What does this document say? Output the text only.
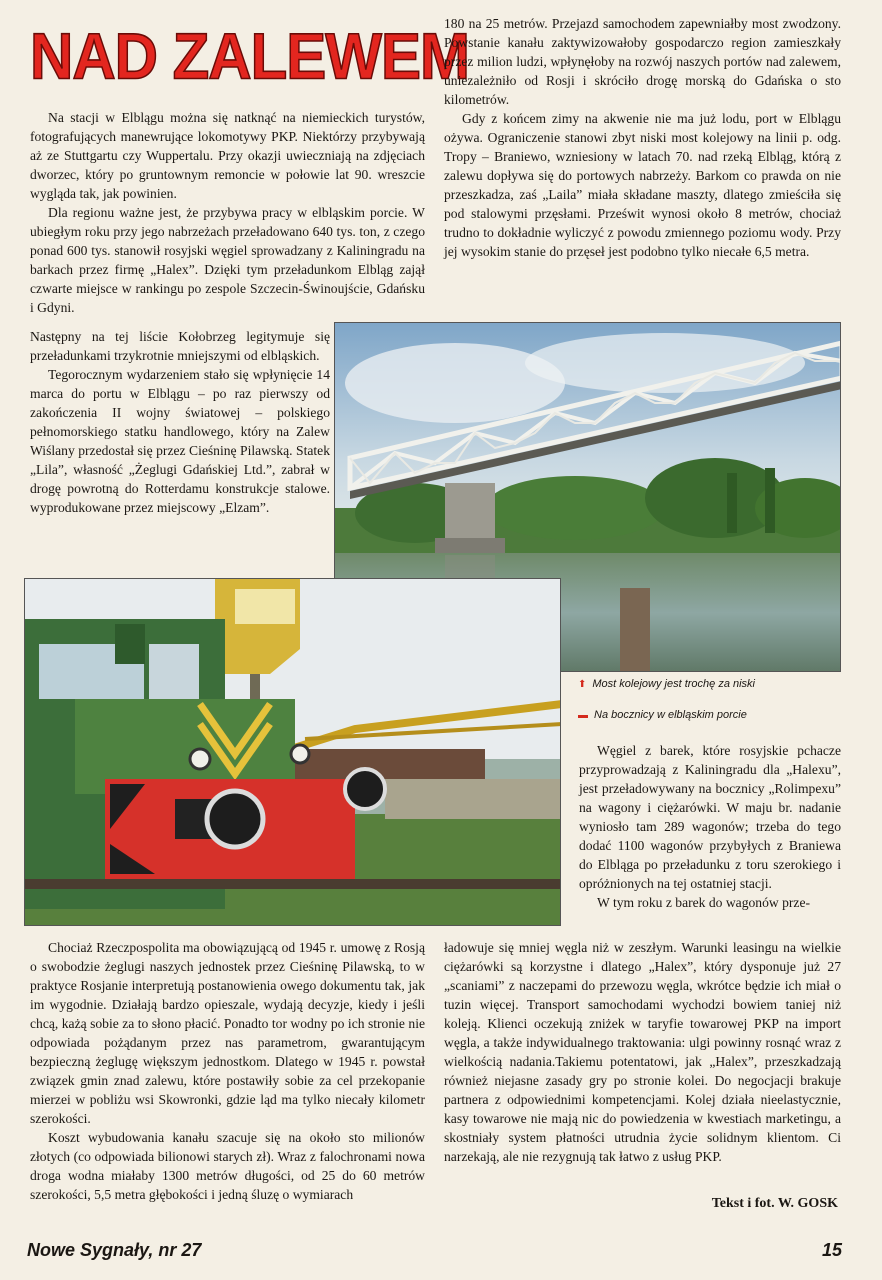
NAD ZALEWEM

Na stacji w Elblągu można się natknąć na niemieckich turystów, fotografujących manewrujące lokomotywy PKP. Niektórzy przybywają aż ze Stuttgartu czy Wuppertalu. Przy okazji uwieczniają na zdjęciach dworzec, który po gruntownym remoncie w połowie lat 90. wreszcie wygląda tak, jak powinien.

Dla regionu ważne jest, że przybywa pracy w elbląskim porcie. W ubiegłym roku przy jego nabrzeżach przeładowano 640 tys. ton, z czego ponad 600 tys. stanowił rosyjski węgiel sprowadzany z Kaliningradu na barkach przez firmę „Halex”. Dzięki tym przeładunkom Elbląg zajął czwarte miejsce w rankingu po zespole Szczecin-Świnoujście, Gdańsku i Gdyni.

Następny na tej liście Kołobrzeg legitymuje się przeładunkami trzykrotnie mniejszymi od elbląskich.

Tegorocznym wydarzeniem stało się wpłynięcie 14 marca do portu w Elblągu – po raz pierwszy od zakończenia II wojny światowej – polskiego pełnomorskiego statku handlowego, który na Zalew Wiślany przedostał się przez Cieśninę Pilawską. Statek „Lila”, własność „Żeglugi Gdańskiej Ltd.”, zabrał w drogę powrotną do Rotterdamu konstrukcje stalowe. wyprodukowane przez miejscowy „Elzam”.

180 na 25 metrów. Przejazd samochodem zapewniałby most zwodzony. Powstanie kanału zaktywizowałoby gospodarczo region zamieszkały przez milion ludzi, wpłynęłoby na rozwój naszych portów nad zalewem, uniezależniło od Rosji i skróciło drogę morską do Gdańska o sto kilometrów.

Gdy z końcem zimy na akwenie nie ma już lodu, port w Elblągu ożywa. Ograniczenie stanowi zbyt niski most kolejowy na linii p. odg. Tropy – Braniewo, wzniesiony w latach 70. nad rzeką Elbląg, którą z zalewu dopływa się do portowych nabrzeży. Barkom co prawda on nie przeszkadza, zaś „Laila” miała składane maszty, dlatego zmieściła się pod stalowymi przęsłami. Prześwit wynosi około 8 metrów, chociaż trudno to dokładnie wyliczyć z powodu zmiennego poziomu wody. Przy jej wysokim stanie do przęseł jest podobno tylko niecałe 6,5 metra.

⬆ Most kolejowy jest trochę za niski
▬ Na bocznicy w elbląskim porcie

Węgiel z barek, które rosyjskie pchacze przyprowadzają z Kaliningradu dla „Halexu”, jest przeładowywany na bocznicy „Rolimpexu” na wagony i ciężarówki. W maju br. nadanie wyniosło tam 289 wagonów; trzeba do tego dodać 1100 wagonów przybyłych z Braniewa do Elbląga po przeładunku z toru szerokiego i opróżnionych na tej ostatniej stacji.

W tym roku z barek do wagonów prze-

Chociaż Rzeczpospolita ma obowiązującą od 1945 r. umowę z Rosją o swobodzie żeglugi naszych jednostek przez Cieśninę Pilawską, to w praktyce Rosjanie interpretują postanowienia owego dokumentu tak, jak im wygodnie. Działają bardzo opieszale, wydają decyzje, kiedy i jeśli chcą, każą sobie za to słono płacić. Ponadto tor wodny po ich stronie nie odpowiada pożądanym przez nas parametrom, gwarantującym bezpieczną żeglugę większym jednostkom. Dlatego w 1945 r. powstał związek gmin znad zalewu, które postawiły sobie za cel przekopanie mierzei w pobliżu wsi Skowronki, gdzie ląd ma tylko niecały kilometr szerokości.

Koszt wybudowania kanału szacuje się na około sto milionów złotych (co odpowiada bilionowi starych zł). Wraz z falochronami nowa droga wodna miałaby 1300 metrów długości, od 25 do 60 metrów szerokości, 5,5 metra głębokości i jedną śluzę o wymiarach

ładowuje się mniej węgla niż w zeszłym. Warunki leasingu na wielkie ciężarówki są korzystne i dlatego „Halex”, który dysponuje już 27 „scaniami” z naczepami do przewozu węgla, wkrótce będzie ich miał o tuzin więcej. Transport samochodami wychodzi bowiem taniej niż koleją. Klienci oczekują zniżek w taryfie towarowej PKP na import węgla, a także indywidualnego traktowania: ulgi powinny rosnąć wraz z wielkością nadania.Takiemu potentatowi, jak „Halex”, przeszkadzają również niejasne zasady gry po stronie kolei. Do negocjacji brakuje partnera z odpowiednimi kompetencjami. Kolej działa nieelastycznie, kasy towarowe nie mają nic do powiedzenia w kwestiach marketingu, a skostniały system płatności utrudnia życie solidnym klientom. Ci narzekają, ale nie rezygnują tak łatwo z usług PKP.

Tekst i fot. W. GOSK
Nowe Sygnały, nr 27	15
